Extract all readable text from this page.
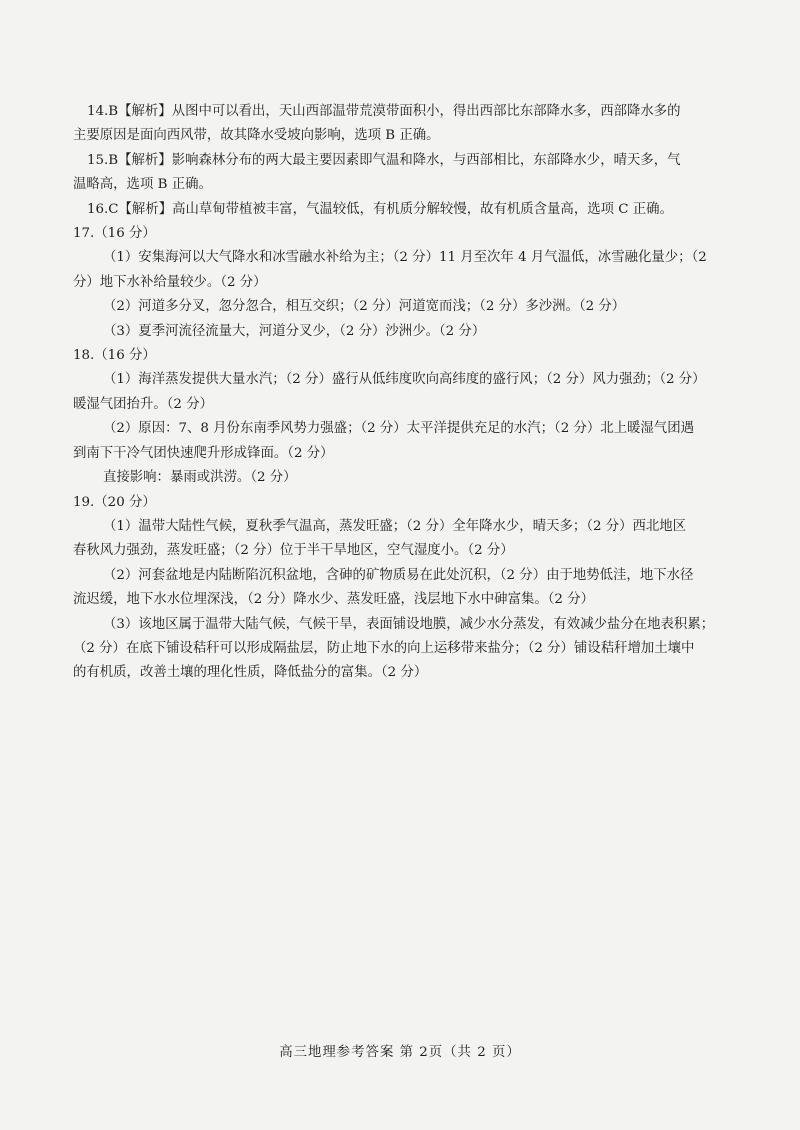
14.B【解析】从图中可以看出，天山西部温带荒漠带面积小，得出西部比东部降水多，西部降水多的
主要原因是面向西风带，故其降水受坡向影响，选项 B 正确。
15.B【解析】影响森林分布的两大最主要因素即气温和降水，与西部相比，东部降水少，晴天多，气
温略高，选项 B 正确。
16.C【解析】高山草甸带植被丰富，气温较低，有机质分解较慢，故有机质含量高，选项 C 正确。
17.（16 分）
（1）安集海河以大气降水和冰雪融水补给为主；（2 分）11 月至次年 4 月气温低，冰雪融化量少；（2
分）地下水补给量较少。（2 分）
（2）河道多分叉，忽分忽合，相互交织；（2 分）河道宽而浅；（2 分）多沙洲。（2 分）
（3）夏季河流径流量大，河道分叉少，（2 分）沙洲少。（2 分）
18.（16 分）
（1）海洋蒸发提供大量水汽；（2 分）盛行从低纬度吹向高纬度的盛行风；（2 分）风力强劲；（2 分）
暖湿气团抬升。（2 分）
（2）原因：7、8 月份东南季风势力强盛；（2 分）太平洋提供充足的水汽；（2 分）北上暖湿气团遇
到南下干冷气团快速爬升形成锋面。（2 分）
直接影响：暴雨或洪涝。（2 分）
19.（20 分）
（1）温带大陆性气候，夏秋季气温高，蒸发旺盛；（2 分）全年降水少，晴天多；（2 分）西北地区
春秋风力强劲，蒸发旺盛；（2 分）位于半干旱地区，空气湿度小。（2 分）
（2）河套盆地是内陆断陷沉积盆地，含砷的矿物质易在此处沉积，（2 分）由于地势低洼，地下水径
流迟缓，地下水水位埋深浅，（2 分）降水少、蒸发旺盛，浅层地下水中砷富集。（2 分）
（3）该地区属于温带大陆气候，气候干旱，表面铺设地膜，减少水分蒸发，有效减少盐分在地表积累；
（2 分）在底下铺设秸秆可以形成隔盐层，防止地下水的向上运移带来盐分；（2 分）铺设秸秆增加土壤中
的有机质，改善土壤的理化性质，降低盐分的富集。（2 分）
高三地理参考答案 第 2页（共 2 页）
